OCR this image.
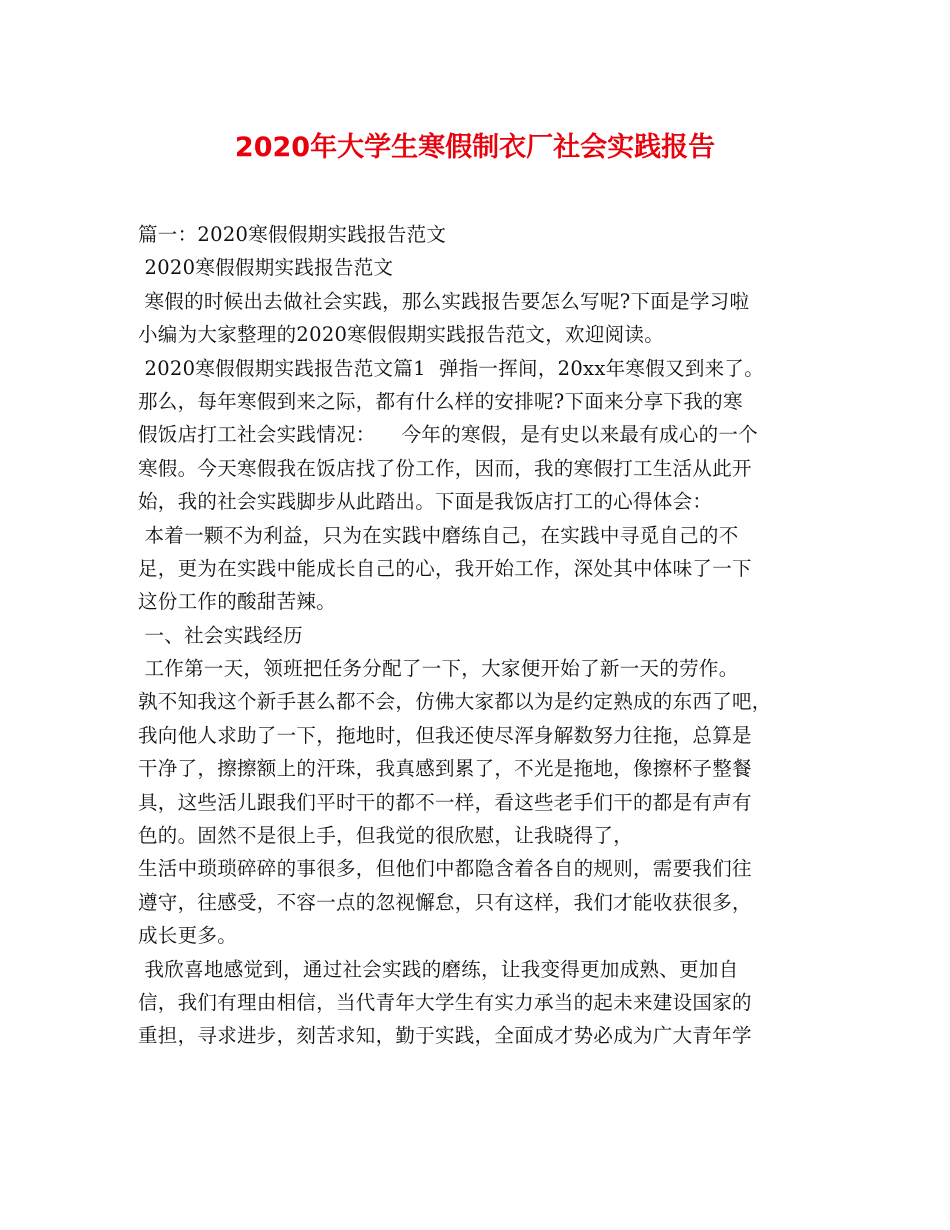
2020年大学生寒假制衣厂社会实践报告
篇一：2020寒假假期实践报告范文
2020寒假假期实践报告范文
寒假的时候出去做社会实践，那么实践报告要怎么写呢?下面是学习啦
小编为大家整理的2020寒假假期实践报告范文，欢迎阅读。
2020寒假假期实践报告范文篇1  弹指一挥间，20xx年寒假又到来了。
那么，每年寒假到来之际，都有什么样的安排呢?下面来分享下我的寒
假饭店打工社会实践情况：    今年的寒假，是有史以来最有成心的一个
寒假。今天寒假我在饭店找了份工作，因而，我的寒假打工生活从此开
始，我的社会实践脚步从此踏出。下面是我饭店打工的心得体会：
本着一颗不为利益，只为在实践中磨练自己，在实践中寻觅自己的不
足，更为在实践中能成长自己的心，我开始工作，深处其中体味了一下
这份工作的酸甜苦辣。
一、社会实践经历
工作第一天，领班把任务分配了一下，大家便开始了新一天的劳作。
孰不知我这个新手甚么都不会，仿佛大家都以为是约定熟成的东西了吧，
我向他人求助了一下，拖地时，但我还使尽浑身解数努力往拖，总算是
干净了，擦擦额上的汗珠，我真感到累了，不光是拖地，像擦杯子整餐
具，这些活儿跟我们平时干的都不一样，看这些老手们干的都是有声有
色的。固然不是很上手，但我觉的很欣慰，让我晓得了，
生活中琐琐碎碎的事很多，但他们中都隐含着各自的规则，需要我们往
遵守，往感受，不容一点的忽视懈怠，只有这样，我们才能收获很多，
成长更多。
我欣喜地感觉到，通过社会实践的磨练，让我变得更加成熟、更加自
信，我们有理由相信，当代青年大学生有实力承当的起未来建设国家的
重担，寻求进步，刻苦求知，勤于实践，全面成才势必成为广大青年学
